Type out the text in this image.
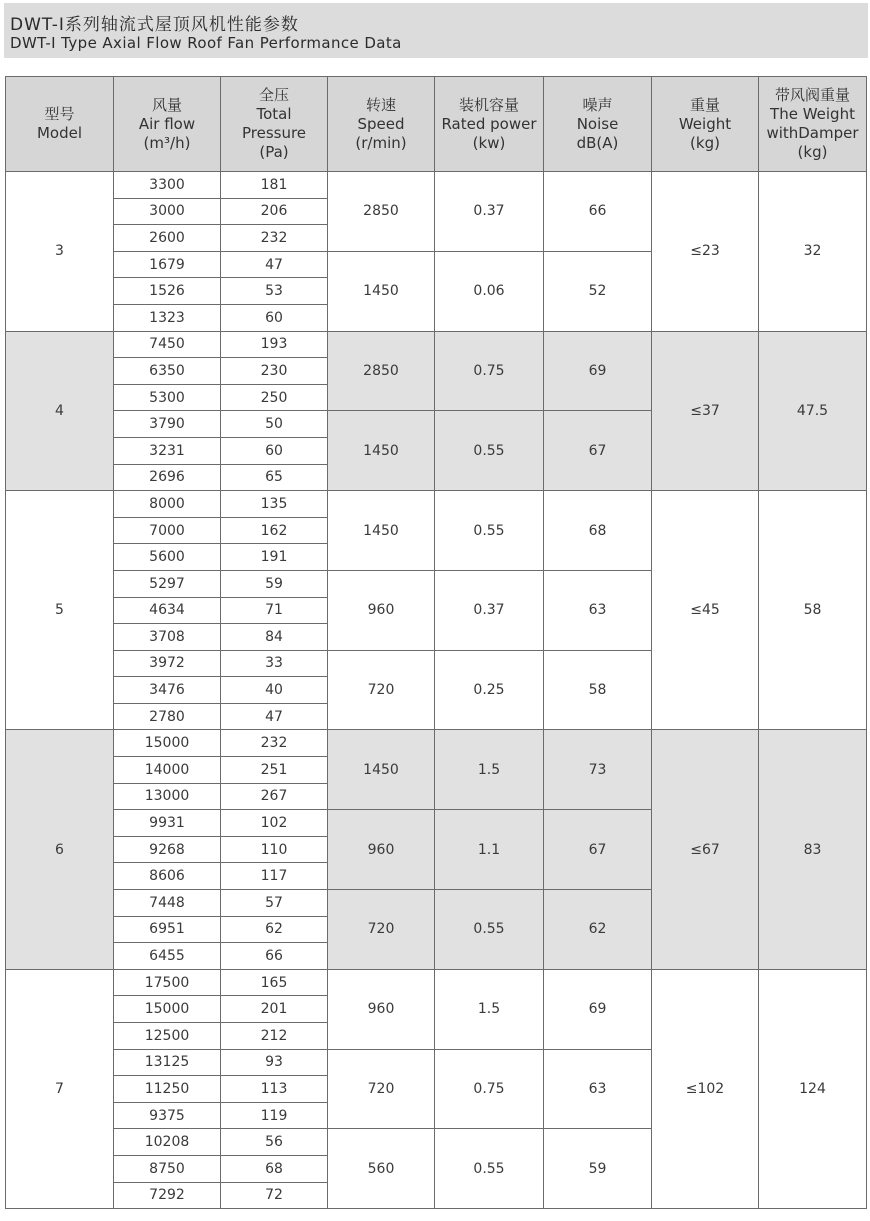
DWT-Ⅰ系列轴流式屋顶风机性能参数
DWT-Ⅰ Type Axial Flow Roof Fan Performance Data
型号
Model	风量
Air flow
(m³/h)	全压
Total
Pressure
(Pa)	转速
Speed
(r/min)	装机容量
Rated power
(kw)	噪声
Noise
dB(A)	重量
Weight
(kg)	带风阀重量
The Weight
withDamper
(kg)

3	3300	181	2850	0.37	66	≤23	32
	3000	206					
	2600	232					
	1679	47	1450	0.06	52		
	1526	53					
	1323	60					
4	7450	193	2850	0.75	69	≤37	47.5
	6350	230					
	5300	250					
	3790	50	1450	0.55	67		
	3231	60					
	2696	65					
5	8000	135	1450	0.55	68	≤45	58
	7000	162					
	5600	191					
	5297	59	960	0.37	63		
	4634	71					
	3708	84					
	3972	33	720	0.25	58		
	3476	40					
	2780	47					
6	15000	232	1450	1.5	73	≤67	83
	14000	251					
	13000	267					
	9931	102	960	1.1	67		
	9268	110					
	8606	117					
	7448	57	720	0.55	62		
	6951	62					
	6455	66					
7	17500	165	960	1.5	69	≤102	124
	15000	201					
	12500	212					
	13125	93	720	0.75	63		
	11250	113					
	9375	119					
	10208	56	560	0.55	59		
	8750	68					
	7292	72					
